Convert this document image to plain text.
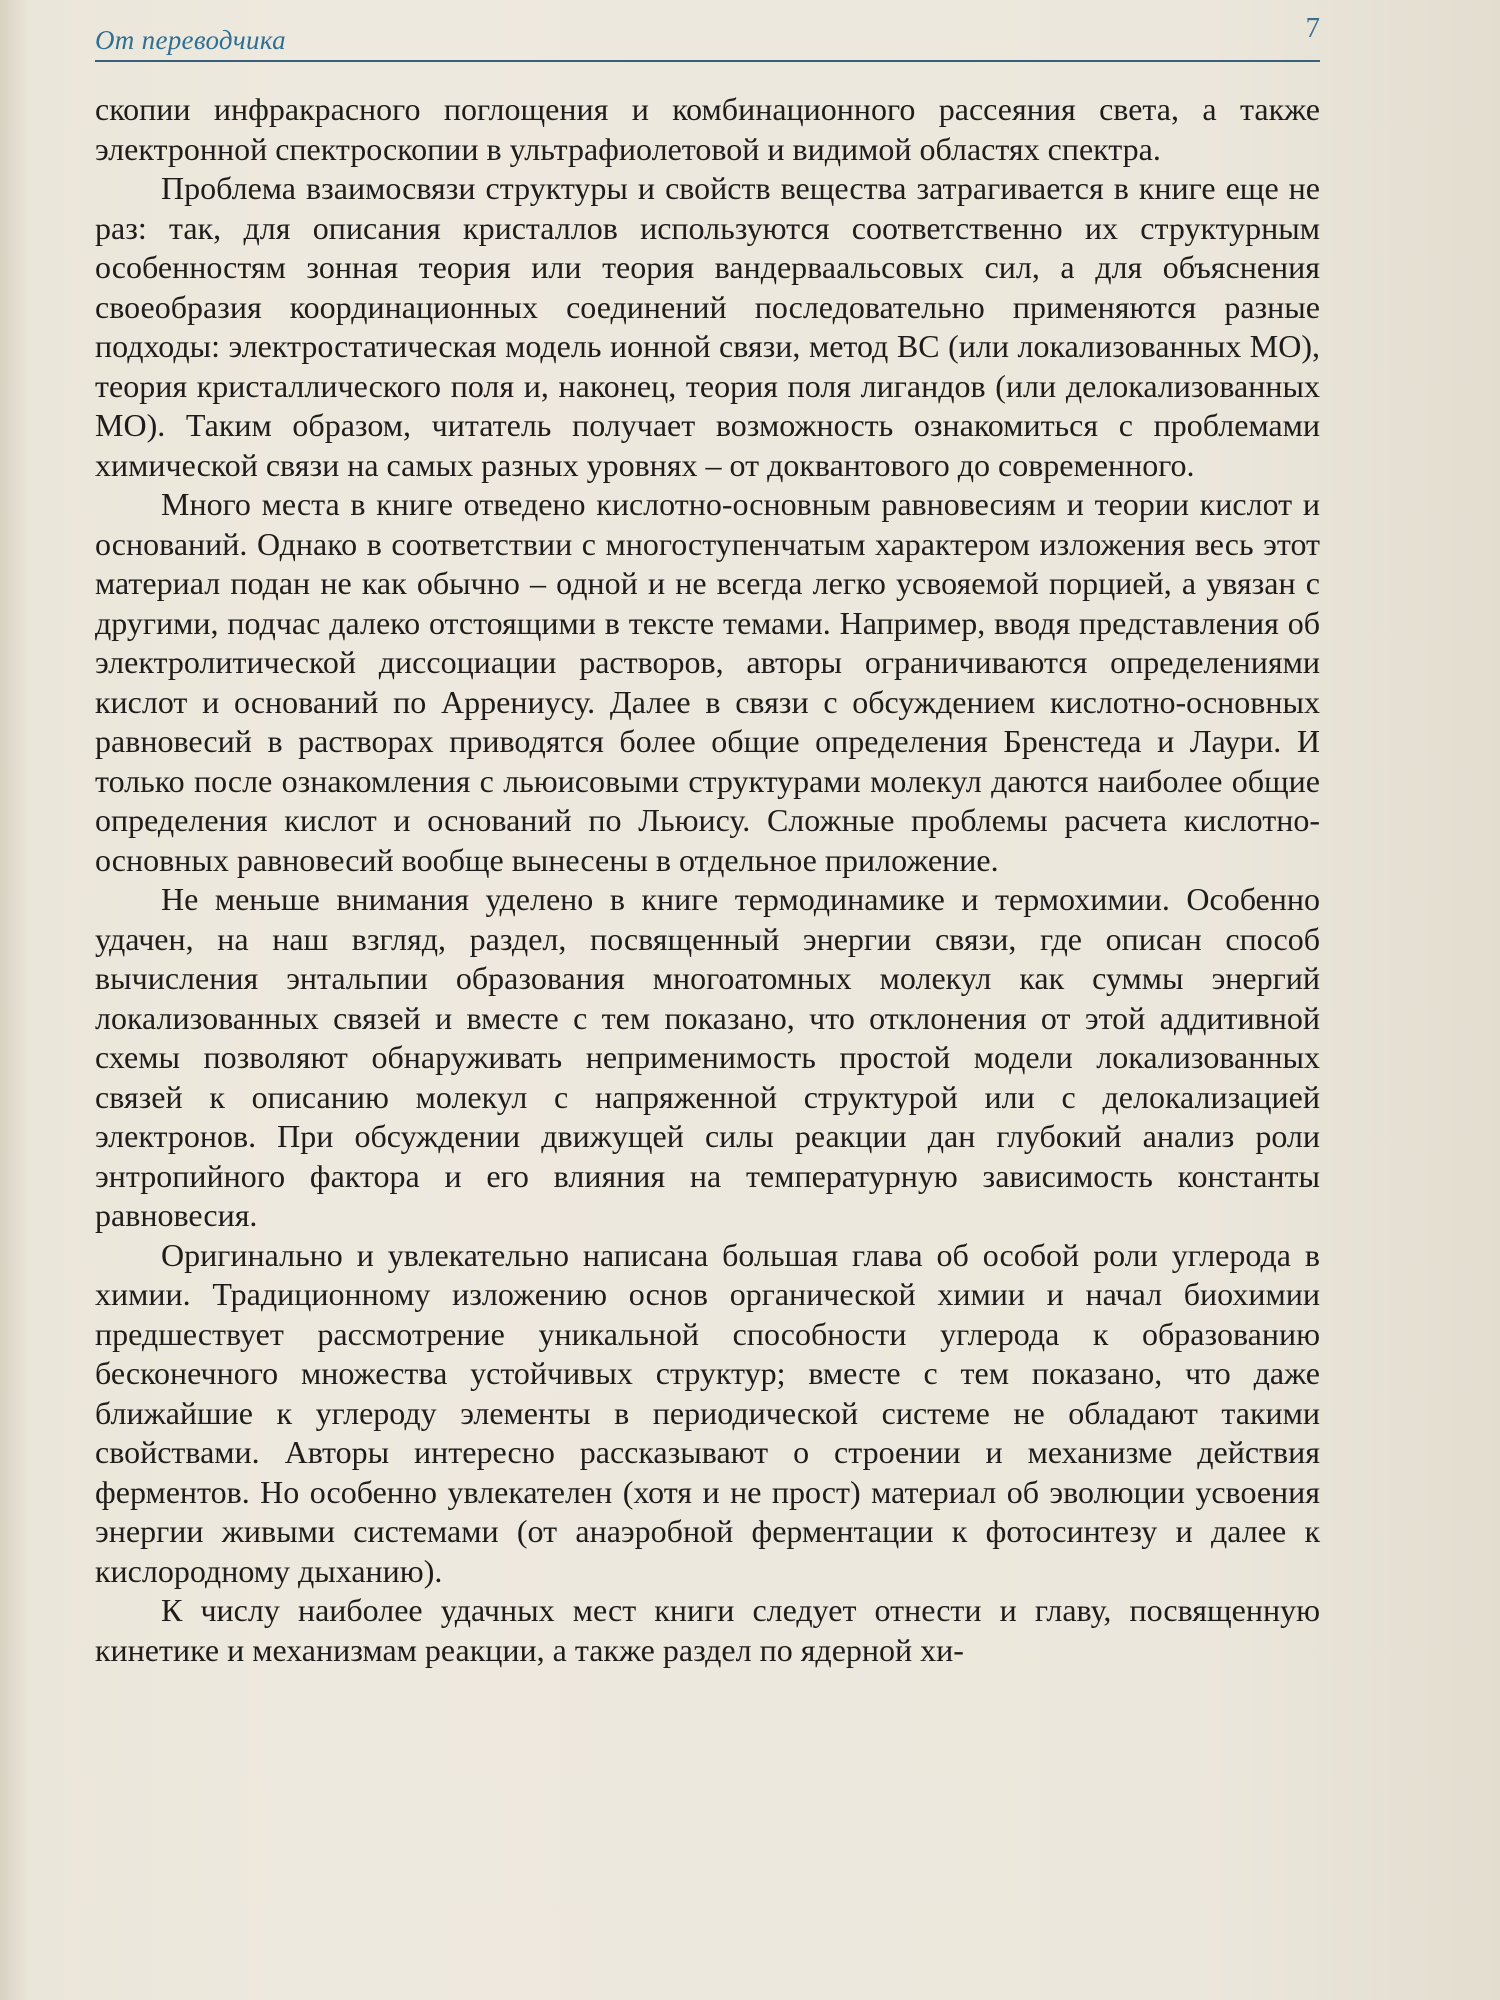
От переводчика	7

скопии инфракрасного поглощения и комбинационного рассеяния света, а также электронной спектроскопии в ультрафиолетовой и видимой областях спектра.

Проблема взаимосвязи структуры и свойств вещества затрагивается в книге еще не раз: так, для описания кристаллов используются соответственно их структурным особенностям зонная теория или теория вандерваальсовых сил, а для объяснения своеобразия координационных соединений последовательно применяются разные подходы: электростатическая модель ионной связи, метод ВС (или локализованных МО), теория кристаллического поля и, наконец, теория поля лигандов (или делокализованных МО). Таким образом, читатель получает возможность ознакомиться с проблемами химической связи на самых разных уровнях – от доквантового до современного.

Много места в книге отведено кислотно-основным равновесиям и теории кислот и оснований. Однако в соответствии с многоступенчатым характером изложения весь этот материал подан не как обычно – одной и не всегда легко усвояемой порцией, а увязан с другими, подчас далеко отстоящими в тексте темами. Например, вводя представления об электролитической диссоциации растворов, авторы ограничиваются определениями кислот и оснований по Аррениусу. Далее в связи с обсуждением кислотно-основных равновесий в растворах приводятся более общие определения Бренстеда и Лаури. И только после ознакомления с льюисовыми структурами молекул даются наиболее общие определения кислот и оснований по Льюису. Сложные проблемы расчета кислотно-основных равновесий вообще вынесены в отдельное приложение.

Не меньше внимания уделено в книге термодинамике и термохимии. Особенно удачен, на наш взгляд, раздел, посвященный энергии связи, где описан способ вычисления энтальпии образования многоатомных молекул как суммы энергий локализованных связей и вместе с тем показано, что отклонения от этой аддитивной схемы позволяют обнаруживать неприменимость простой модели локализованных связей к описанию молекул с напряженной структурой или с делокализацией электронов. При обсуждении движущей силы реакции дан глубокий анализ роли энтропийного фактора и его влияния на температурную зависимость константы равновесия.

Оригинально и увлекательно написана большая глава об особой роли углерода в химии. Традиционному изложению основ органической химии и начал биохимии предшествует рассмотрение уникальной способности углерода к образованию бесконечного множества устойчивых структур; вместе с тем показано, что даже ближайшие к углероду элементы в периодической системе не обладают такими свойствами. Авторы интересно рассказывают о строении и механизме действия ферментов. Но особенно увлекателен (хотя и не прост) материал об эволюции усвоения энергии живыми системами (от анаэробной ферментации к фотосинтезу и далее к кислородному дыханию).

К числу наиболее удачных мест книги следует отнести и главу, посвященную кинетике и механизмам реакции, а также раздел по ядерной хи-
